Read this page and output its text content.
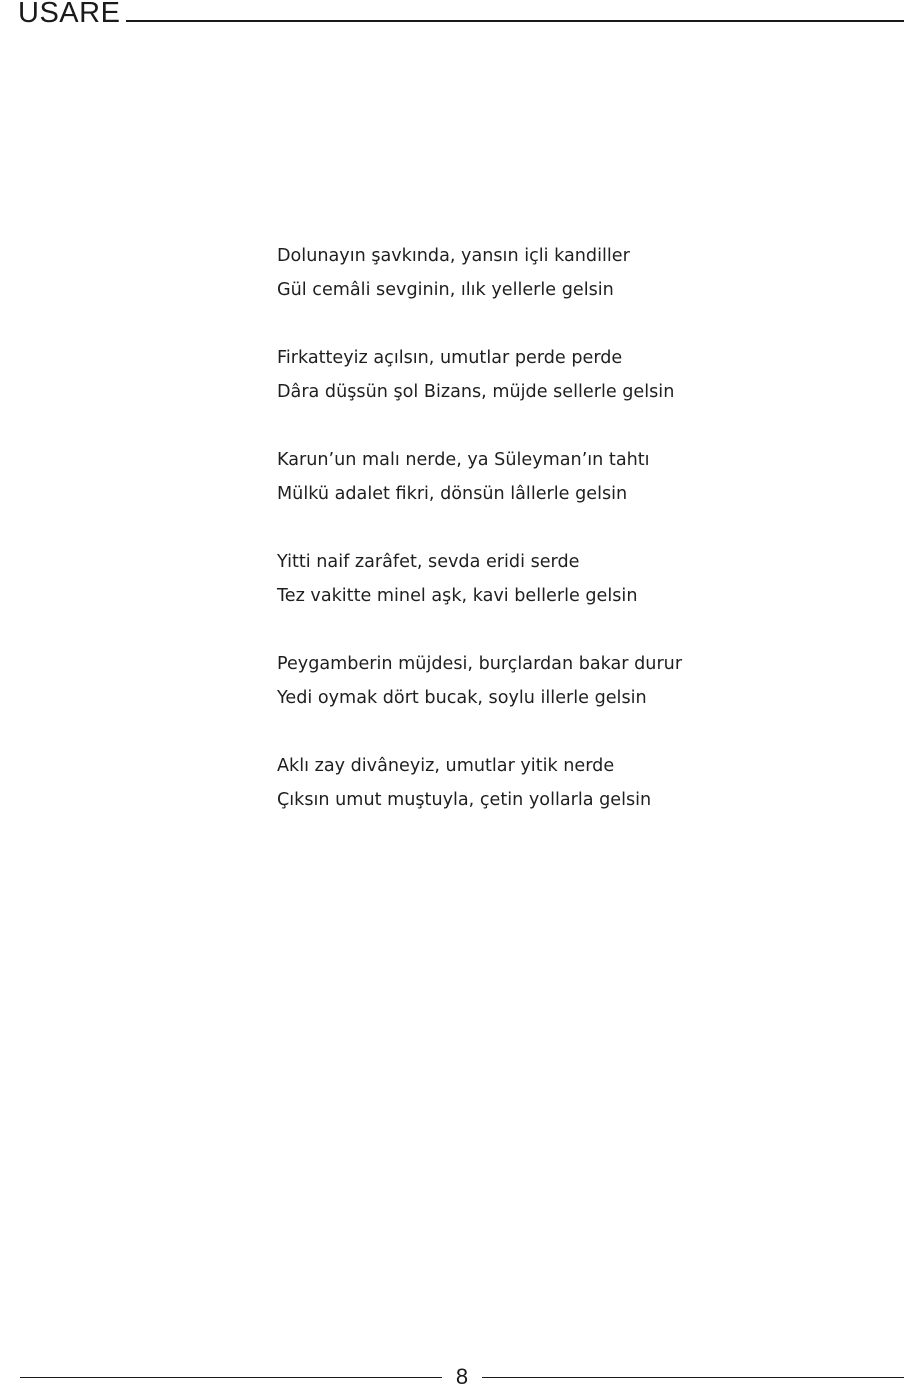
USARE
Dolunayın şavkında, yansın içli kandiller
Gül cemâli sevginin, ılık yellerle gelsin
Firkatteyiz açılsın, umutlar perde perde
Dâra düşsün şol Bizans, müjde sellerle gelsin
Karun’un malı nerde, ya Süleyman’ın tahtı
Mülkü adalet fikri, dönsün lâllerle gelsin
Yitti naif zarâfet, sevda eridi serde
Tez vakitte minel aşk, kavi bellerle gelsin
Peygamberin müjdesi, burçlardan bakar durur
Yedi oymak dört bucak, soylu illerle gelsin
Aklı zay divâneyiz, umutlar yitik nerde
Çıksın umut muştuyla, çetin yollarla gelsin
8
